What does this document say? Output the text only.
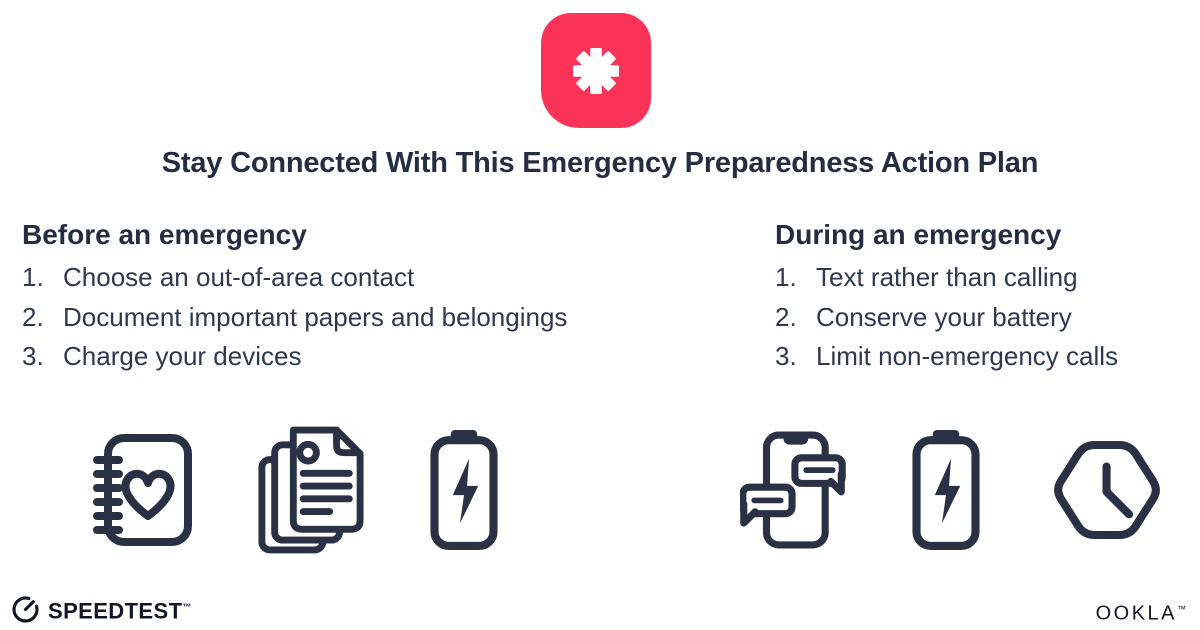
Stay Connected With This Emergency Preparedness Action Plan
Before an emergency
1. Choose an out-of-area contact
2. Document important papers and belongings
3. Charge your devices
During an emergency
1. Text rather than calling
2. Conserve your battery
3. Limit non-emergency calls
SPEEDTEST™	OOKLA™
